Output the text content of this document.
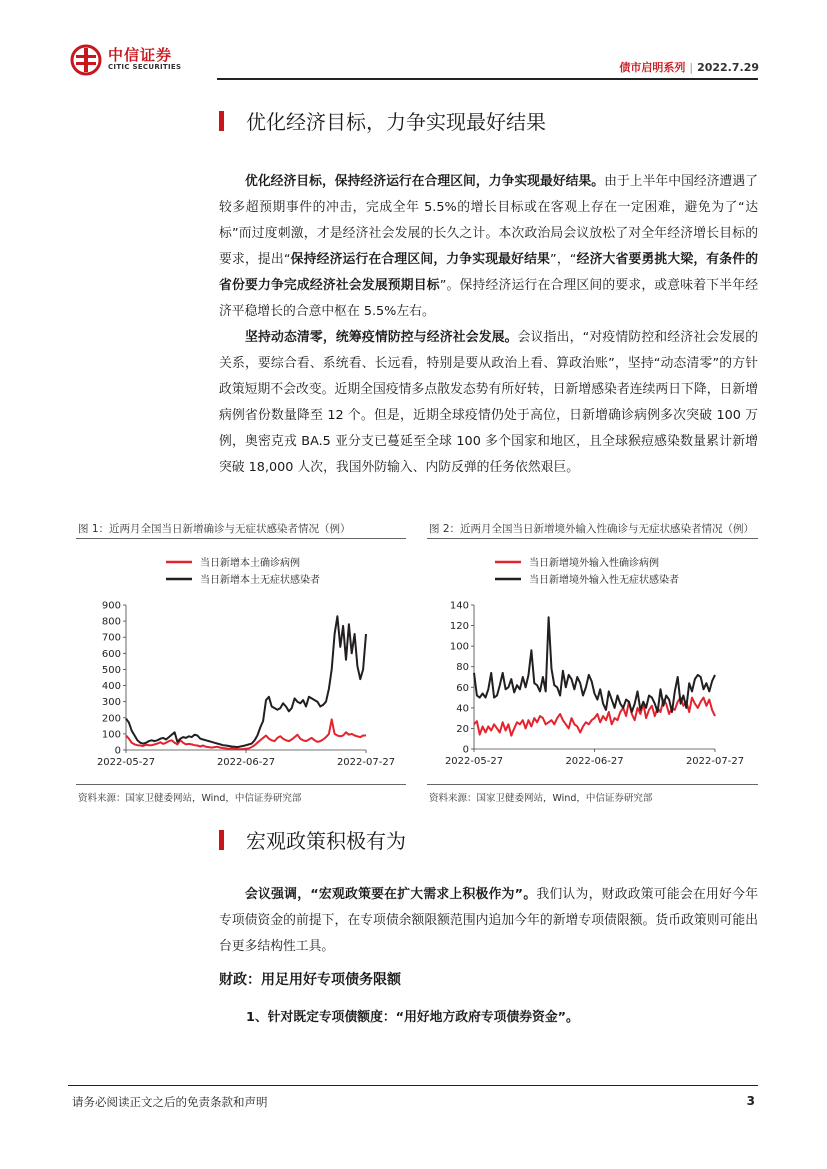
中信证券
CITIC SECURITIES	债市启明系列 | 2022.7.29
优化经济目标，力争实现最好结果

优化经济目标，保持经济运行在合理区间，力争实现最好结果。由于上半年中国经济遭遇了较多超预期事件的冲击，完成全年 5.5%的增长目标或在客观上存在一定困难，避免为了“达标”而过度刺激，才是经济社会发展的长久之计。本次政治局会议放松了对全年经济增长目标的要求，提出“保持经济运行在合理区间，力争实现最好结果”，“经济大省要勇挑大梁，有条件的省份要力争完成经济社会发展预期目标”。保持经济运行在合理区间的要求，或意味着下半年经济平稳增长的合意中枢在 5.5%左右。

坚持动态清零，统筹疫情防控与经济社会发展。会议指出，“对疫情防控和经济社会发展的关系，要综合看、系统看、长远看，特别是要从政治上看、算政治账”，坚持“动态清零”的方针政策短期不会改变。近期全国疫情多点散发态势有所好转，日新增感染者连续两日下降，日新增病例省份数量降至 12 个。但是，近期全球疫情仍处于高位，日新增确诊病例多次突破 100 万例，奥密克戎 BA.5 亚分支已蔓延至全球 100 多个国家和地区，且全球猴痘感染数量累计新增突破 18,000 人次，我国外防输入、内防反弹的任务依然艰巨。

图 1：近两月全国当日新增确诊与无症状感染者情况（例）
当日新增本土确诊病例
当日新增本土无症状感染者
0
100
200
300
400
500
600
700
800
900
2022-05-27	2022-06-27	2022-07-27
资料来源：国家卫健委网站，Wind，中信证券研究部
图 2：近两月全国当日新增境外输入性确诊与无症状感染者情况（例）
当日新增境外输入性确诊病例
当日新增境外输入性无症状感染者
0
20
40
60
80
100
120
140
2022-05-27	2022-06-27	2022-07-27
资料来源：国家卫健委网站，Wind，中信证券研究部
宏观政策积极有为

会议强调，“宏观政策要在扩大需求上积极作为”。我们认为，财政政策可能会在用好今年专项债资金的前提下，在专项债余额限额范围内追加今年的新增专项债限额。货币政策则可能出台更多结构性工具。

财政：用足用好专项债务限额
1、针对既定专项债额度：“用好地方政府专项债券资金”。
请务必阅读正文之后的免责条款和声明	3
